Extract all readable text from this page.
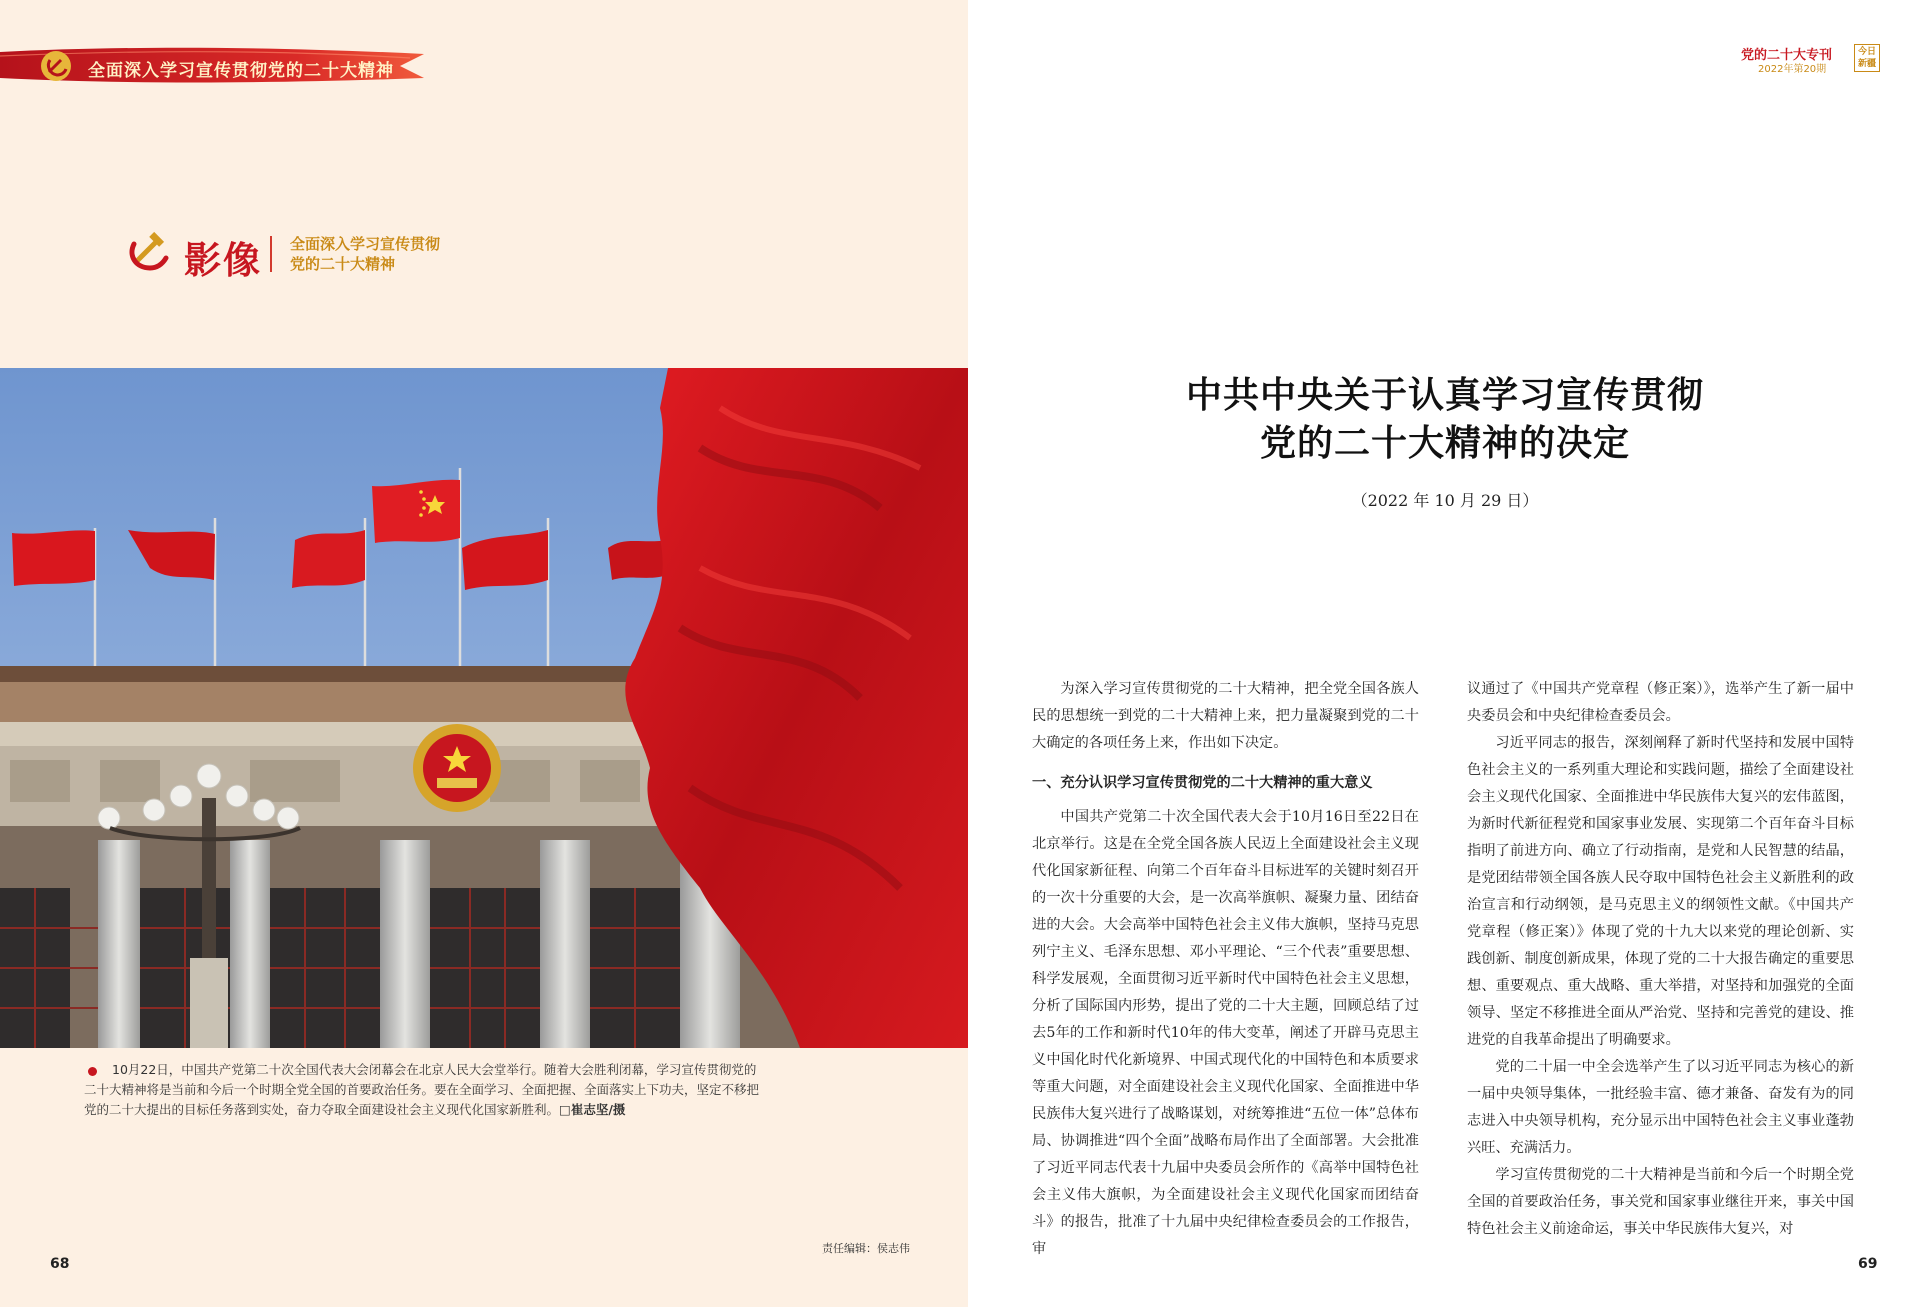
全面深入学习宣传贯彻党的二十大精神
影像 全面深入学习宣传贯彻
党的二十大精神
10月22日，中国共产党第二十次全国代表大会闭幕会在北京人民大会堂举行。随着大会胜利闭幕，学习宣传贯彻党的二十大精神将是当前和今后一个时期全党全国的首要政治任务。要在全面学习、全面把握、全面落实上下功夫，坚定不移把党的二十大提出的目标任务落到实处，奋力夺取全面建设社会主义现代化国家新胜利。□崔志坚/摄
责任编辑：侯志伟
68
党的二十大专刊
2022年第20期
今日
新疆
中共中央关于认真学习宣传贯彻
党的二十大精神的决定
（2022 年 10 月 29 日）

为深入学习宣传贯彻党的二十大精神，把全党全国各族人民的思想统一到党的二十大精神上来，把力量凝聚到党的二十大确定的各项任务上来，作出如下决定。

一、充分认识学习宣传贯彻党的二十大精神的重大意义

中国共产党第二十次全国代表大会于10月16日至22日在北京举行。这是在全党全国各族人民迈上全面建设社会主义现代化国家新征程、向第二个百年奋斗目标进军的关键时刻召开的一次十分重要的大会，是一次高举旗帜、凝聚力量、团结奋进的大会。大会高举中国特色社会主义伟大旗帜，坚持马克思列宁主义、毛泽东思想、邓小平理论、“三个代表”重要思想、科学发展观，全面贯彻习近平新时代中国特色社会主义思想，分析了国际国内形势，提出了党的二十大主题，回顾总结了过去5年的工作和新时代10年的伟大变革，阐述了开辟马克思主义中国化时代化新境界、中国式现代化的中国特色和本质要求等重大问题，对全面建设社会主义现代化国家、全面推进中华民族伟大复兴进行了战略谋划，对统筹推进“五位一体”总体布局、协调推进“四个全面”战略布局作出了全面部署。大会批准了习近平同志代表十九届中央委员会所作的《高举中国特色社会主义伟大旗帜，为全面建设社会主义现代化国家而团结奋斗》的报告，批准了十九届中央纪律检查委员会的工作报告，审

议通过了《中国共产党章程（修正案）》，选举产生了新一届中央委员会和中央纪律检查委员会。

习近平同志的报告，深刻阐释了新时代坚持和发展中国特色社会主义的一系列重大理论和实践问题，描绘了全面建设社会主义现代化国家、全面推进中华民族伟大复兴的宏伟蓝图，为新时代新征程党和国家事业发展、实现第二个百年奋斗目标指明了前进方向、确立了行动指南，是党和人民智慧的结晶，是党团结带领全国各族人民夺取中国特色社会主义新胜利的政治宣言和行动纲领，是马克思主义的纲领性文献。《中国共产党章程（修正案）》体现了党的十九大以来党的理论创新、实践创新、制度创新成果，体现了党的二十大报告确定的重要思想、重要观点、重大战略、重大举措，对坚持和加强党的全面领导、坚定不移推进全面从严治党、坚持和完善党的建设、推进党的自我革命提出了明确要求。

党的二十届一中全会选举产生了以习近平同志为核心的新一届中央领导集体，一批经验丰富、德才兼备、奋发有为的同志进入中央领导机构，充分显示出中国特色社会主义事业蓬勃兴旺、充满活力。

学习宣传贯彻党的二十大精神是当前和今后一个时期全党全国的首要政治任务，事关党和国家事业继往开来，事关中国特色社会主义前途命运，事关中华民族伟大复兴，对

69
